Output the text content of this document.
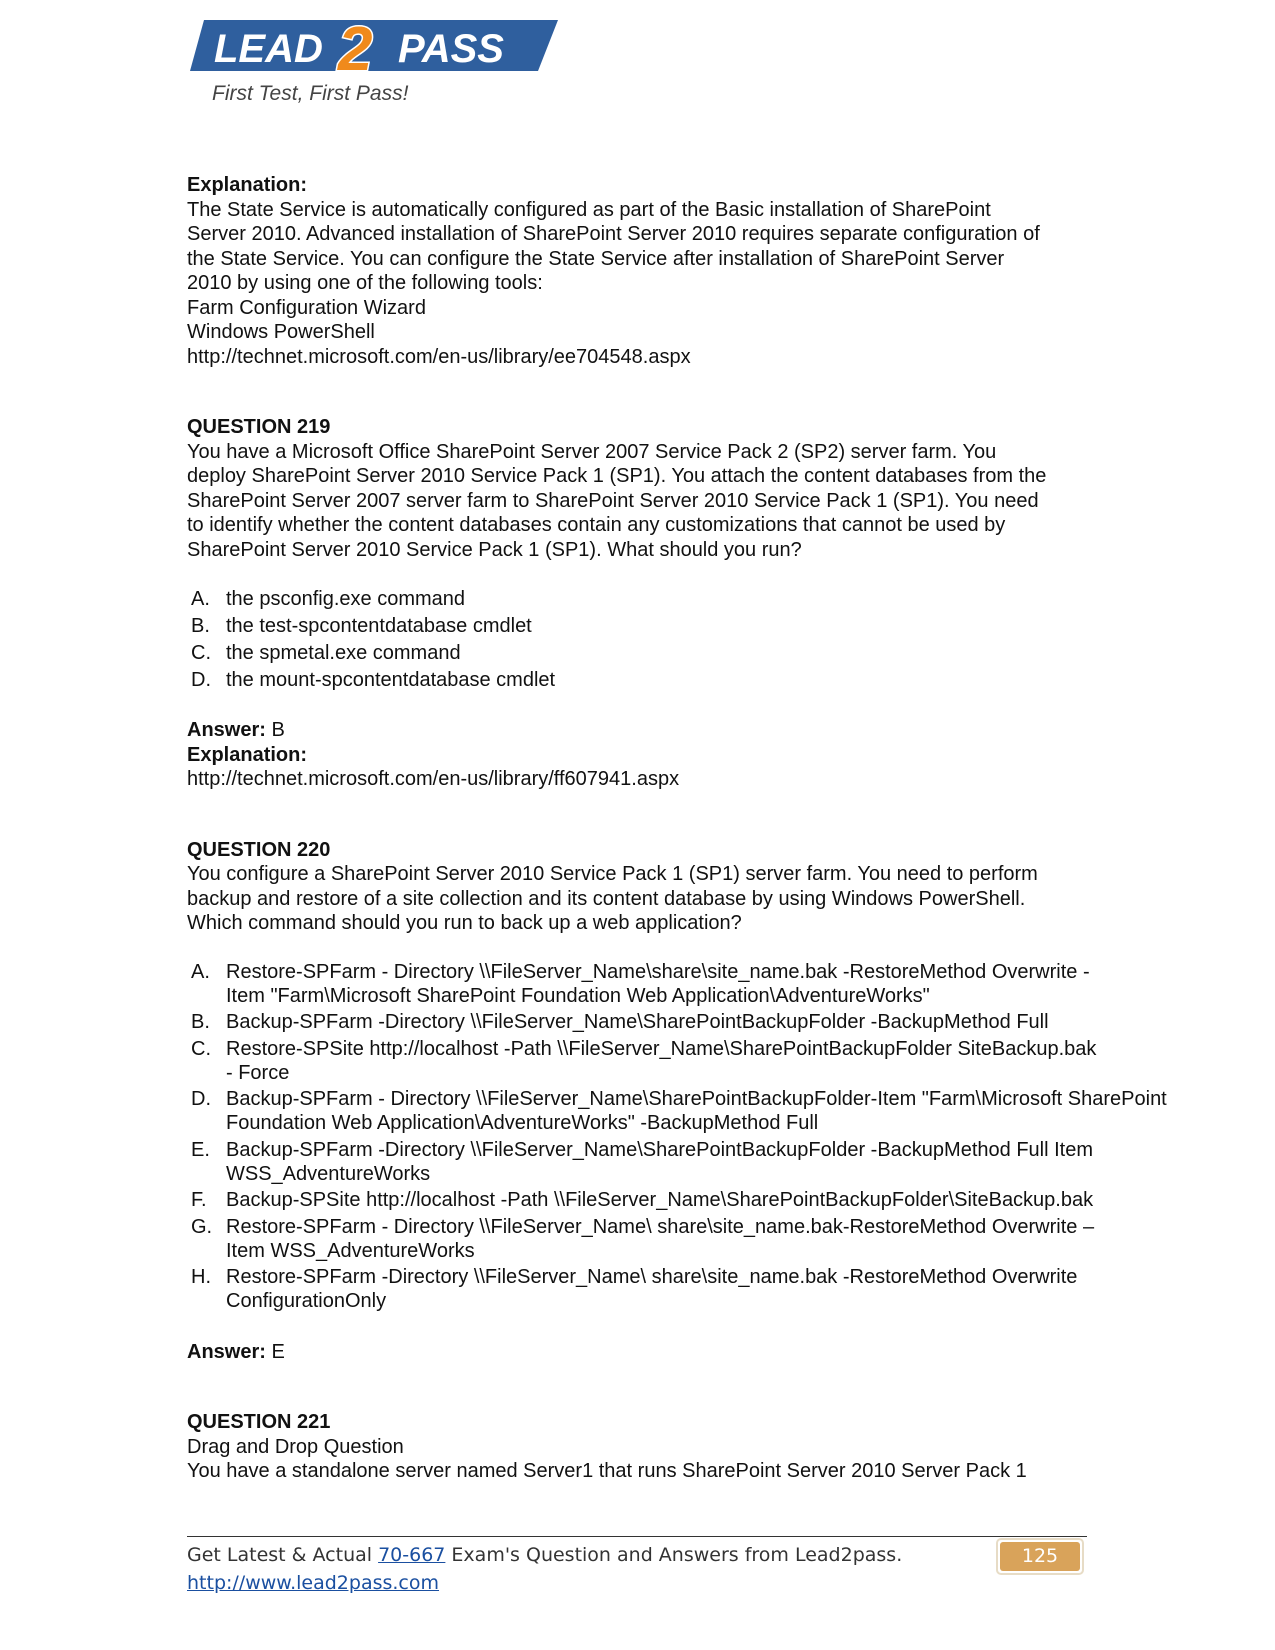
LEAD 2 PASS
First Test, First Pass!
Explanation:
The State Service is automatically configured as part of the Basic installation of SharePoint
Server 2010. Advanced installation of SharePoint Server 2010 requires separate configuration of
the State Service. You can configure the State Service after installation of SharePoint Server
2010 by using one of the following tools:
Farm Configuration Wizard
Windows PowerShell
http://technet.microsoft.com/en-us/library/ee704548.aspx
QUESTION 219
You have a Microsoft Office SharePoint Server 2007 Service Pack 2 (SP2) server farm. You
deploy SharePoint Server 2010 Service Pack 1 (SP1). You attach the content databases from the
SharePoint Server 2007 server farm to SharePoint Server 2010 Service Pack 1 (SP1). You need
to identify whether the content databases contain any customizations that cannot be used by
SharePoint Server 2010 Service Pack 1 (SP1). What should you run?
A. the psconfig.exe command
B. the test-spcontentdatabase cmdlet
C. the spmetal.exe command
D. the mount-spcontentdatabase cmdlet
Answer: B
Explanation:
http://technet.microsoft.com/en-us/library/ff607941.aspx
QUESTION 220
You configure a SharePoint Server 2010 Service Pack 1 (SP1) server farm. You need to perform
backup and restore of a site collection and its content database by using Windows PowerShell.
Which command should you run to back up a web application?
A. Restore-SPFarm - Directory \\FileServer_Name\share\site_name.bak -RestoreMethod Overwrite -
Item "Farm\Microsoft SharePoint Foundation Web Application\AdventureWorks"
B. Backup-SPFarm -Directory \\FileServer_Name\SharePointBackupFolder -BackupMethod Full
C. Restore-SPSite http://localhost -Path \\FileServer_Name\SharePointBackupFolder SiteBackup.bak
- Force
D. Backup-SPFarm - Directory \\FileServer_Name\SharePointBackupFolder-Item "Farm\Microsoft SharePoint
Foundation Web Application\AdventureWorks" -BackupMethod Full
E. Backup-SPFarm -Directory \\FileServer_Name\SharePointBackupFolder -BackupMethod Full Item
WSS_AdventureWorks
F. Backup-SPSite http://localhost -Path \\FileServer_Name\SharePointBackupFolder\SiteBackup.bak
G. Restore-SPFarm - Directory \\FileServer_Name\ share\site_name.bak-RestoreMethod Overwrite –
Item WSS_AdventureWorks
H. Restore-SPFarm -Directory \\FileServer_Name\ share\site_name.bak -RestoreMethod Overwrite
ConfigurationOnly
Answer: E
QUESTION 221
Drag and Drop Question
You have a standalone server named Server1 that runs SharePoint Server 2010 Server Pack 1
Get Latest & Actual 70-667 Exam's Question and Answers from Lead2pass.
http://www.lead2pass.com
125
